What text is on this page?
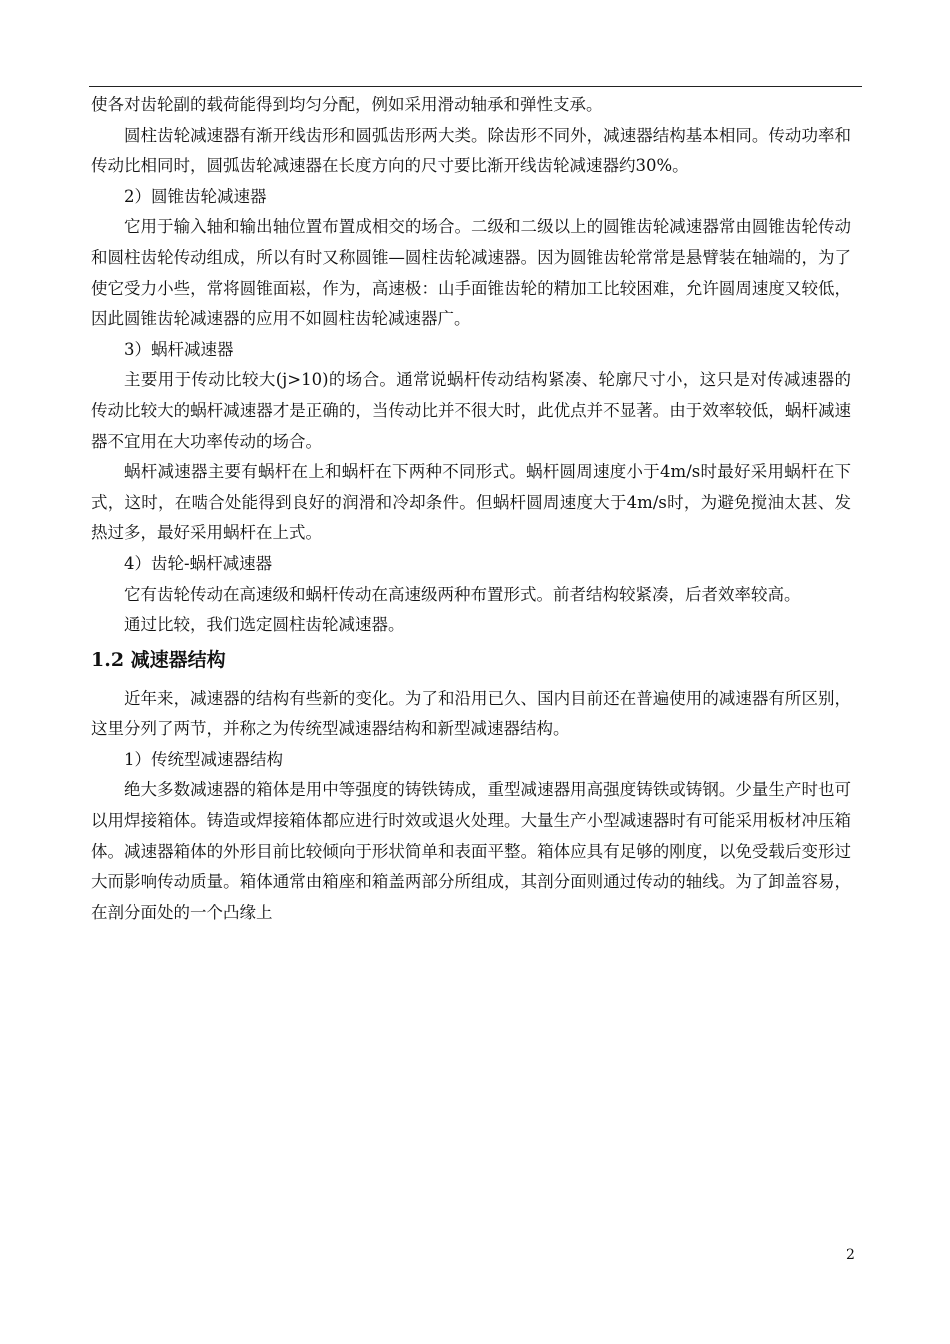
使各对齿轮副的载荷能得到均匀分配，例如采用滑动轴承和弹性支承。

圆柱齿轮减速器有渐开线齿形和圆弧齿形两大类。除齿形不同外，减速器结构基本相同。传动功率和传动比相同时，圆弧齿轮减速器在长度方向的尺寸要比渐开线齿轮减速器约30%。

2）圆锥齿轮减速器

它用于输入轴和输出轴位置布置成相交的场合。二级和二级以上的圆锥齿轮减速器常由圆锥齿轮传动和圆柱齿轮传动组成，所以有时又称圆锥—圆柱齿轮减速器。因为圆锥齿轮常常是悬臂装在轴端的，为了使它受力小些，常将圆锥面崧，作为，高速极：山手面锥齿轮的精加工比较困难，允许圆周速度又较低，因此圆锥齿轮减速器的应用不如圆柱齿轮减速器广。

3）蜗杆减速器

主要用于传动比较大(j>10)的场合。通常说蜗杆传动结构紧凑、轮廓尺寸小，这只是对传减速器的传动比较大的蜗杆减速器才是正确的，当传动比并不很大时，此优点并不显著。由于效率较低，蜗杆减速器不宜用在大功率传动的场合。

蜗杆减速器主要有蜗杆在上和蜗杆在下两种不同形式。蜗杆圆周速度小于4m/s时最好采用蜗杆在下式，这时，在啮合处能得到良好的润滑和冷却条件。但蜗杆圆周速度大于4m/s时，为避免搅油太甚、发热过多，最好采用蜗杆在上式。

4）齿轮-蜗杆减速器

它有齿轮传动在高速级和蜗杆传动在高速级两种布置形式。前者结构较紧凑，后者效率较高。

通过比较，我们选定圆柱齿轮减速器。

1.2 减速器结构

近年来，减速器的结构有些新的变化。为了和沿用已久、国内目前还在普遍使用的减速器有所区别，这里分列了两节，并称之为传统型减速器结构和新型减速器结构。

1）传统型减速器结构

绝大多数减速器的箱体是用中等强度的铸铁铸成，重型减速器用高强度铸铁或铸钢。少量生产时也可以用焊接箱体。铸造或焊接箱体都应进行时效或退火处理。大量生产小型减速器时有可能采用板材冲压箱体。减速器箱体的外形目前比较倾向于形状简单和表面平整。箱体应具有足够的刚度，以免受载后变形过大而影响传动质量。箱体通常由箱座和箱盖两部分所组成，其剖分面则通过传动的轴线。为了卸盖容易，在剖分面处的一个凸缘上

2
